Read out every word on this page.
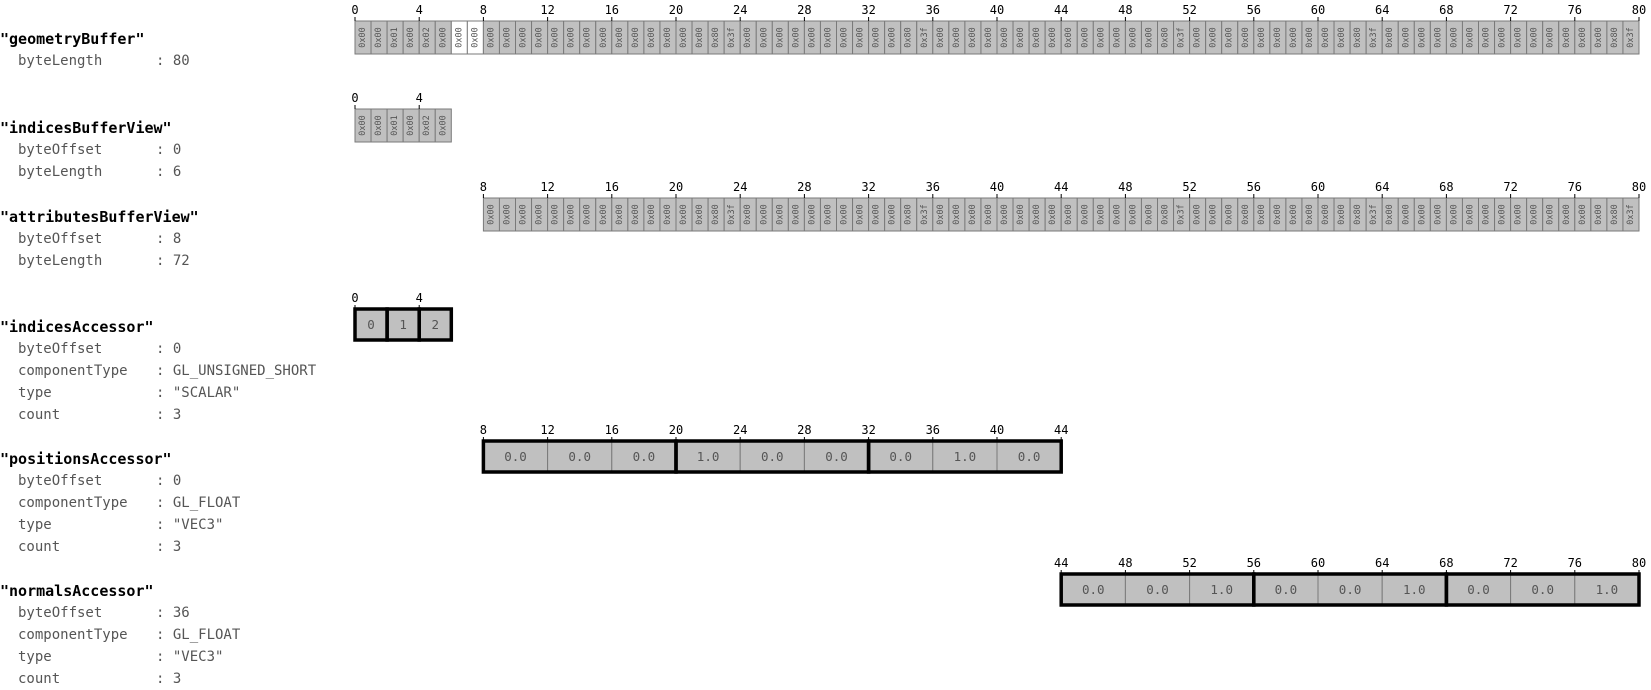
"geometryBuffer"
byteLength	: 80
"indicesBufferView"
byteOffset	: 0
byteLength	: 6
"attributesBufferView"
byteOffset	: 8
byteLength	: 72
"indicesAccessor"
byteOffset	: 0
componentType : GL_UNSIGNED_SHORT
type	: "SCALAR"
count	: 3
"positionsAccessor"
byteOffset	: 0
componentType : GL_FLOAT
type	: "VEC3"
count	: 3
"normalsAccessor"
byteOffset	: 36
componentType : GL_FLOAT
type	: "VEC3"
count	: 3
0x00 0x00 0x01 0x00 0x02 0x00 0x00 0x00 0x00 0x00 0x00 0x00 0x00 0x00 0x00 0x00 0x00 0x00 0x00 0x00 0x00 0x00 0x80 0x3f 0x00 0x00 0x00 0x00 0x00 0x00 0x00 0x00 0x00 0x00 0x80 0x3f 0x00 0x00 0x00 0x00 0x00 0x00 0x00 0x00 0x00 0x00 0x00 0x00 0x00 0x00 0x80 0x3f 0x00 0x00 0x00 0x00 0x00 0x00 0x00 0x00 0x00 0x00 0x80 0x3f 0x00 0x00 0x00 0x00 0x00 0x00 0x00 0x00 0x00 0x00 0x00 0x00 0x00 0x00 0x80 0x3f
0	4	8	12	16	20	24	28	32	36	40	44	48	52	56	60	64	68	72	76	80
0x00 0x00 0x01 0x00 0x02 0x00
0	4
0x00 0x00 0x00 0x00 0x00 0x00 0x00 0x00 0x00 0x00 0x00 0x00 0x00 0x00 0x80 0x3f 0x00 0x00 0x00 0x00 0x00 0x00 0x00 0x00 0x00 0x00 0x80 0x3f 0x00 0x00 0x00 0x00 0x00 0x00 0x00 0x00 0x00 0x00 0x00 0x00 0x00 0x00 0x80 0x3f 0x00 0x00 0x00 0x00 0x00 0x00 0x00 0x00 0x00 0x00 0x80 0x3f 0x00 0x00 0x00 0x00 0x00 0x00 0x00 0x00 0x00 0x00 0x00 0x00 0x00 0x00 0x80 0x3f
8	12	16	20	24	28	32	36	40	44	48	52	56	60	64	68	72	76	80
0 1 2
0	4
0.0	0.0	0.0	1.0	0.0	0.0	0.0	1.0	0.0
8	12	16	20	24	28	32	36	40	44
0.0	0.0	1.0	0.0	0.0	1.0	0.0	0.0	1.0
44	48	52	56	60	64	68	72	76	80
